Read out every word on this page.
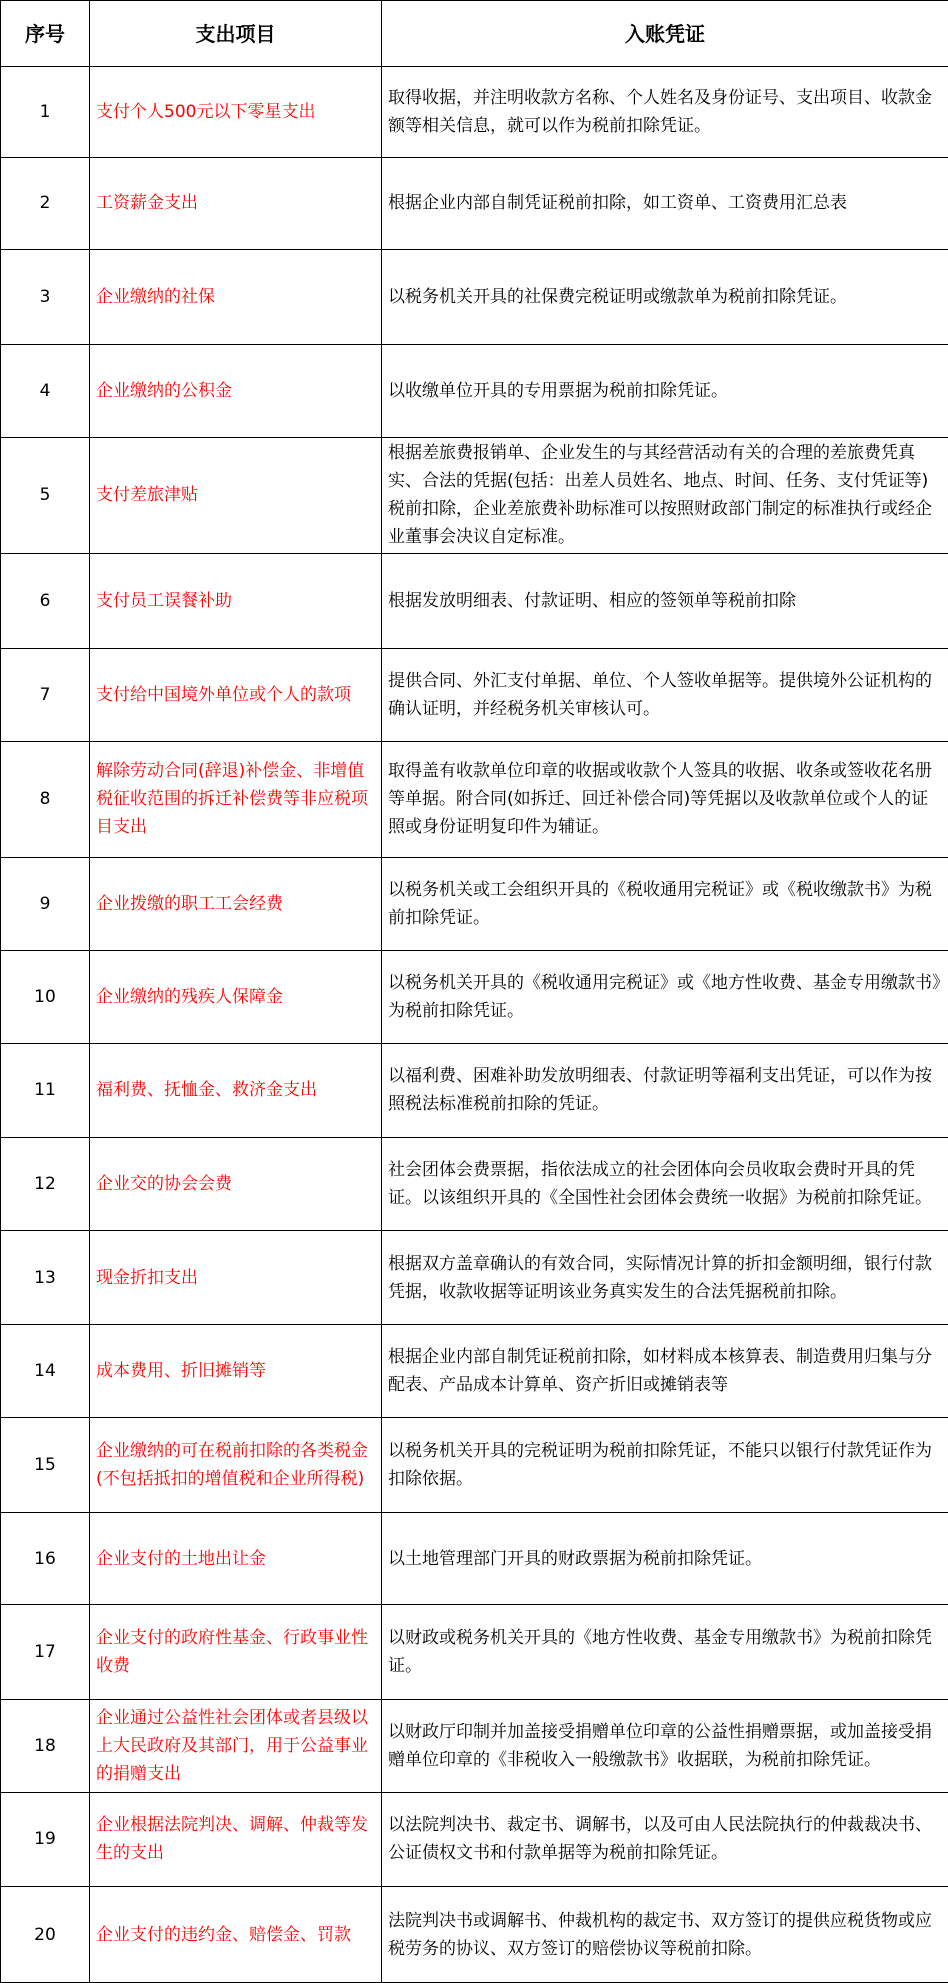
序号	支出项目	入账凭证
1	支付个人500元以下零星支出	取得收据，并注明收款方名称、个人姓名及身份证号、支出项目、收款金额等相关信息，就可以作为税前扣除凭证。
2	工资薪金支出	根据企业内部自制凭证税前扣除，如工资单、工资费用汇总表
3	企业缴纳的社保	以税务机关开具的社保费完税证明或缴款单为税前扣除凭证。
4	企业缴纳的公积金	以收缴单位开具的专用票据为税前扣除凭证。
5	支付差旅津贴	根据差旅费报销单、企业发生的与其经营活动有关的合理的差旅费凭真实、合法的凭据(包括：出差人员姓名、地点、时间、任务、支付凭证等)税前扣除，企业差旅费补助标准可以按照财政部门制定的标准执行或经企业董事会决议自定标准。
6	支付员工误餐补助	根据发放明细表、付款证明、相应的签领单等税前扣除
7	支付给中国境外单位或个人的款项	提供合同、外汇支付单据、单位、个人签收单据等。提供境外公证机构的确认证明，并经税务机关审核认可。
8	解除劳动合同(辞退)补偿金、非增值税征收范围的拆迁补偿费等非应税项目支出	取得盖有收款单位印章的收据或收款个人签具的收据、收条或签收花名册等单据。附合同(如拆迁、回迁补偿合同)等凭据以及收款单位或个人的证照或身份证明复印件为辅证。
9	企业拨缴的职工工会经费	以税务机关或工会组织开具的《税收通用完税证》或《税收缴款书》为税前扣除凭证。
10	企业缴纳的残疾人保障金	以税务机关开具的《税收通用完税证》或《地方性收费、基金专用缴款书》为税前扣除凭证。
11	福利费、抚恤金、救济金支出	以福利费、困难补助发放明细表、付款证明等福利支出凭证，可以作为按照税法标准税前扣除的凭证。
12	企业交的协会会费	社会团体会费票据，指依法成立的社会团体向会员收取会费时开具的凭证。以该组织开具的《全国性社会团体会费统一收据》为税前扣除凭证。
13	现金折扣支出	根据双方盖章确认的有效合同，实际情况计算的折扣金额明细，银行付款凭据，收款收据等证明该业务真实发生的合法凭据税前扣除。
14	成本费用、折旧摊销等	根据企业内部自制凭证税前扣除，如材料成本核算表、制造费用归集与分配表、产品成本计算单、资产折旧或摊销表等
15	企业缴纳的可在税前扣除的各类税金(不包括抵扣的增值税和企业所得税)	以税务机关开具的完税证明为税前扣除凭证，不能只以银行付款凭证作为扣除依据。
16	企业支付的土地出让金	以土地管理部门开具的财政票据为税前扣除凭证。
17	企业支付的政府性基金、行政事业性收费	以财政或税务机关开具的《地方性收费、基金专用缴款书》为税前扣除凭证。
18	企业通过公益性社会团体或者县级以上大民政府及其部门，用于公益事业的捐赠支出	以财政厅印制并加盖接受捐赠单位印章的公益性捐赠票据，或加盖接受捐赠单位印章的《非税收入一般缴款书》收据联，为税前扣除凭证。
19	企业根据法院判决、调解、仲裁等发生的支出	以法院判决书、裁定书、调解书，以及可由人民法院执行的仲裁裁决书、公证债权文书和付款单据等为税前扣除凭证。
20	企业支付的违约金、赔偿金、罚款	法院判决书或调解书、仲裁机构的裁定书、双方签订的提供应税货物或应税劳务的协议、双方签订的赔偿协议等税前扣除。
